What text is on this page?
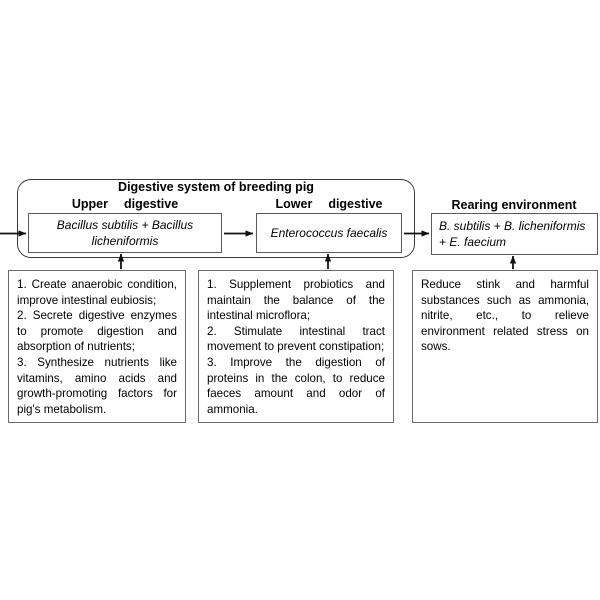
Digestive system of breeding pig
Upper digestive	Lower digestive	Rearing environment
Bacillus subtilis + Bacillus licheniformis
Enterococcus faecalis	B. subtilis + B. licheniformis + E. faecium

1. Create anaerobic condition, improve intestinal eubiosis;

2. Secrete digestive enzymes to promote digestion and absorption of nutrients;

3. Synthesize nutrients like vitamins, amino acids and growth-promoting factors for pig's metabolism.

1. Supplement probiotics and maintain the balance of the intestinal microflora;

2. Stimulate intestinal tract movement to prevent constipation;

3. Improve the digestion of proteins in the colon, to reduce faeces amount and odor of ammonia.

Reduce stink and harmful substances such as ammonia, nitrite, etc., to relieve environment related stress on sows.
